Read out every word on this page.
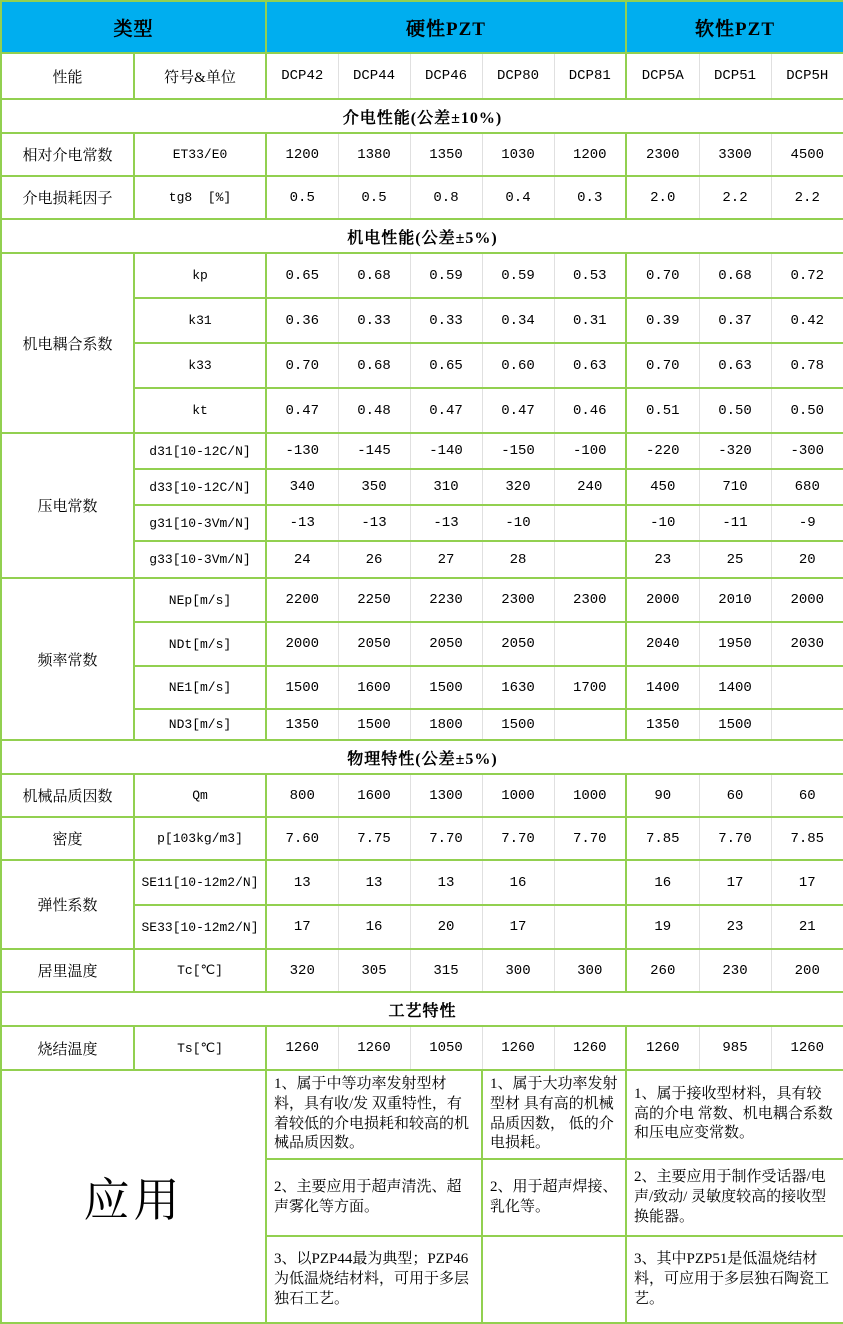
类型		硬性PZT					软性PZT		
性能	符号&单位	DCP42	DCP44	DCP46	DCP80	DCP81	DCP5A	DCP51	DCP5H
介电性能(公差±10%)									
相对介电常数	ET33/E0	1200	1380	1350	1030	1200	2300	3300	4500
介电损耗因子	tg8  [%]	0.5	0.5	0.8	0.4	0.3	2.0	2.2	2.2
机电性能(公差±5%)									
机电耦合系数	kp	0.65	0.68	0.59	0.59	0.53	0.70	0.68	0.72
	k31	0.36	0.33	0.33	0.34	0.31	0.39	0.37	0.42
	k33	0.70	0.68	0.65	0.60	0.63	0.70	0.63	0.78
	kt	0.47	0.48	0.47	0.47	0.46	0.51	0.50	0.50
压电常数	d31[10-12C/N]	-130	-145	-140	-150	-100	-220	-320	-300
	d33[10-12C/N]	340	350	310	320	240	450	710	680
	g31[10-3Vm/N]	-13	-13	-13	-10		-10	-11	-9
	g33[10-3Vm/N]	24	26	27	28		23	25	20
频率常数	NEp[m/s]	2200	2250	2230	2300	2300	2000	2010	2000
	NDt[m/s]	2000	2050	2050	2050		2040	1950	2030
	NE1[m/s]	1500	1600	1500	1630	1700	1400	1400	
	ND3[m/s]	1350	1500	1800	1500		1350	1500	
物理特性(公差±5%)									
机械品质因数	Qm	800	1600	1300	1000	1000	90	60	60
密度	p[103kg/m3]	7.60	7.75	7.70	7.70	7.70	7.85	7.70	7.85
弹性系数	SE11[10-12m2/N]	13	13	13	16		16	17	17
	SE33[10-12m2/N]	17	16	20	17		19	23	21
居里温度	Tc[℃]	320	305	315	300	300	260	230	200
工艺特性									
烧结温度	Ts[℃]	1260	1260	1050	1260	1260	1260	985	1260
应用		1、属于中等功率发射型材料，具有收/发 双重特性，有着较低的介电损耗和较高的机械品质因数。			1、属于大功率发射型材 具有高的机械品质因数， 低的介电损耗。		1、属于接收型材料，具有较高的介电 常数、机电耦合系数和压电应变常数。		
		2、主要应用于超声清洗、超声雾化等方面。			2、用于超声焊接、乳化等。		2、主要应用于制作受话器/电声/致动/ 灵敏度较高的接收型换能器。		
		3、以PZP44最为典型；PZP46为低温烧结材料，可用于多层独石工艺。					3、其中PZP51是低温烧结材料，可应用于多层独石陶瓷工艺。		
